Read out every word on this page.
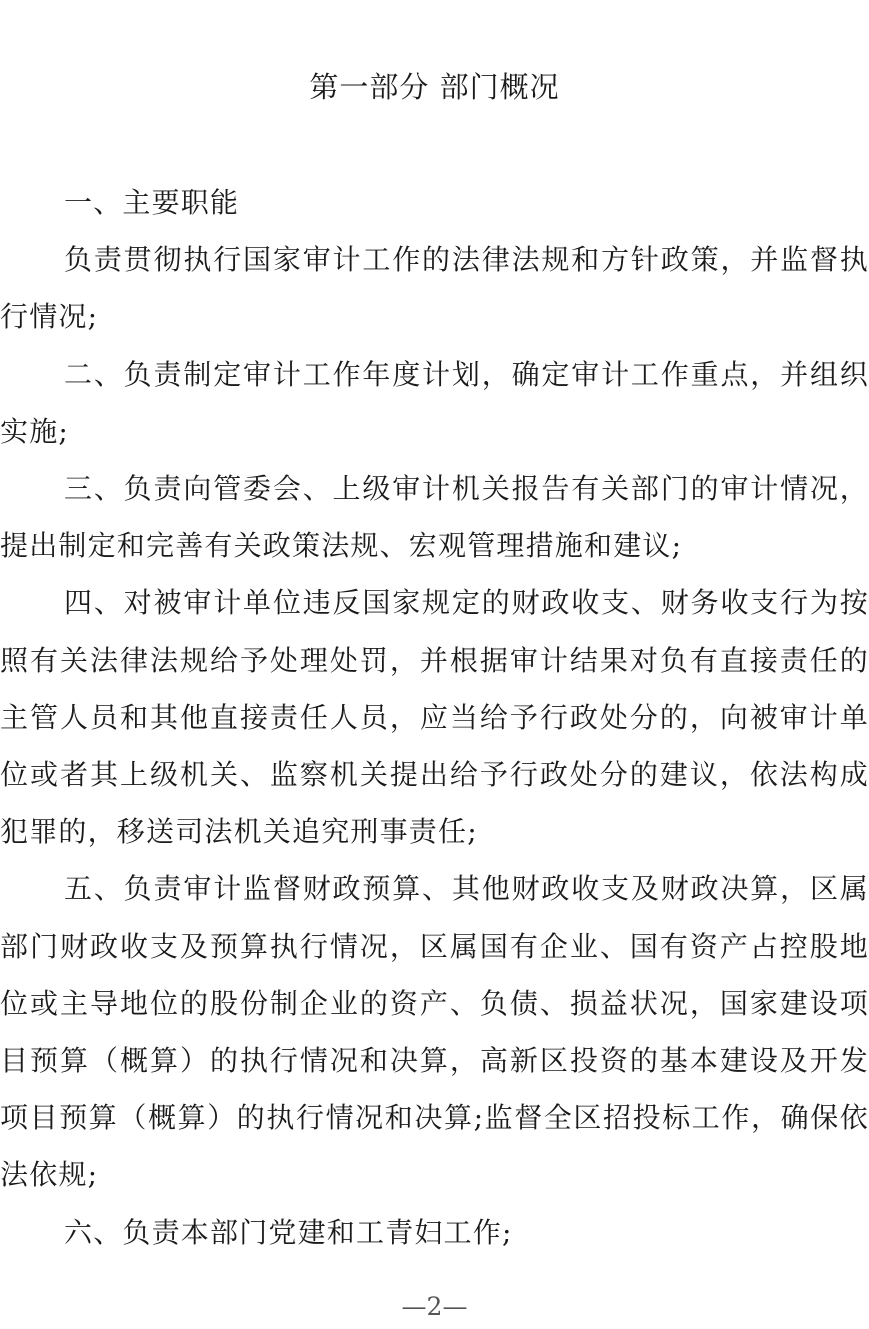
第一部分 部门概况

一、主要职能

负责贯彻执行国家审计工作的法律法规和方针政策，并监督执行情况;

二、负责制定审计工作年度计划，确定审计工作重点，并组织实施;

三、负责向管委会、上级审计机关报告有关部门的审计情况，提出制定和完善有关政策法规、宏观管理措施和建议;

四、对被审计单位违反国家规定的财政收支、财务收支行为按照有关法律法规给予处理处罚，并根据审计结果对负有直接责任的主管人员和其他直接责任人员，应当给予行政处分的，向被审计单位或者其上级机关、监察机关提出给予行政处分的建议，依法构成犯罪的，移送司法机关追究刑事责任;

五、负责审计监督财政预算、其他财政收支及财政决算，区属部门财政收支及预算执行情况，区属国有企业、国有资产占控股地位或主导地位的股份制企业的资产、负债、损益状况，国家建设项目预算（概算）的执行情况和决算，高新区投资的基本建设及开发项目预算（概算）的执行情况和决算;监督全区招投标工作，确保依法依规;

六、负责本部门党建和工青妇工作;

—2—
